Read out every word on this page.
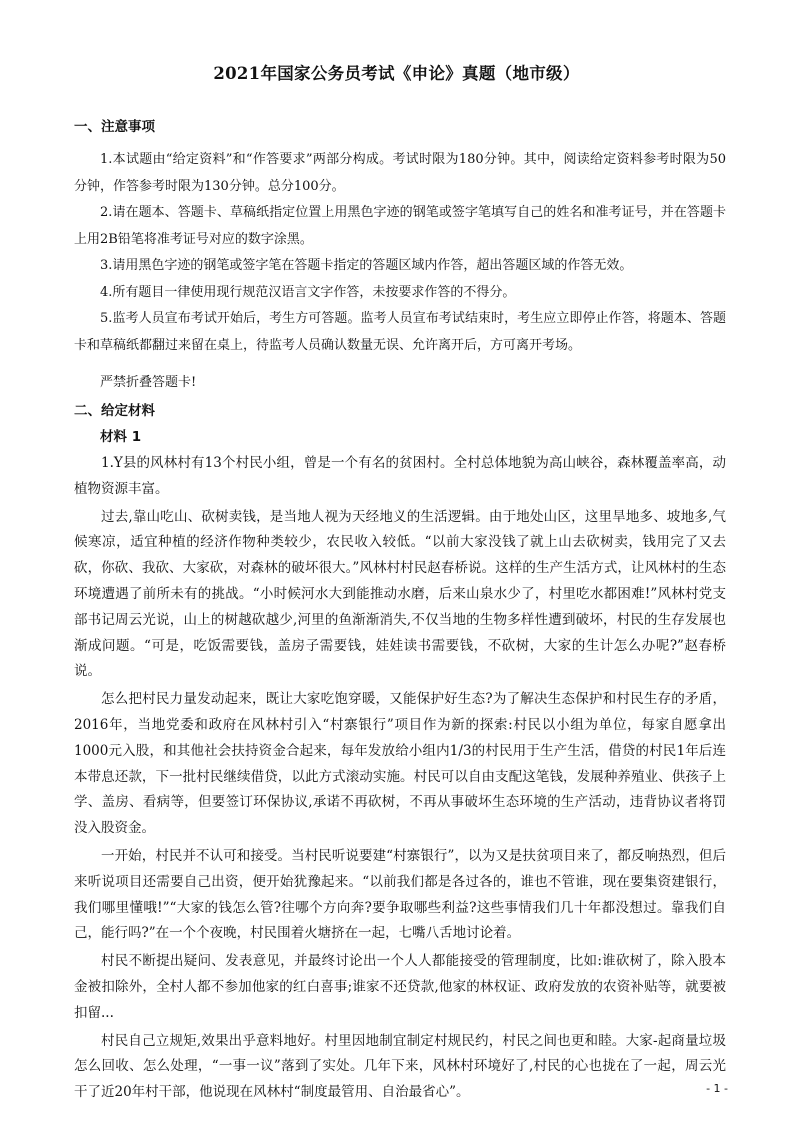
2021年国家公务员考试《申论》真题（地市级）
一、注意事项

1.本试题由“给定资料”和“作答要求”两部分构成。考试时限为180分钟。其中，阅读给定资料参考时限为50分钟，作答参考时限为130分钟。总分100分。

2.请在题本、答题卡、草稿纸指定位置上用黑色字迹的钢笔或签字笔填写自己的姓名和准考证号，并在答题卡上用2B铅笔将准考证号对应的数字涂黑。

3.请用黑色字迹的钢笔或签字笔在答题卡指定的答题区域内作答，超出答题区域的作答无效。

4.所有题目一律使用现行规范汉语言文字作答，未按要求作答的不得分。

5.监考人员宣布考试开始后，考生方可答题。监考人员宣布考试结束时，考生应立即停止作答，将题本、答题卡和草稿纸都翻过来留在桌上，待监考人员确认数量无误、允许离开后，方可离开考场。

严禁折叠答题卡!

二、给定材料
材料 1

1.Y县的风林村有13个村民小组，曾是一个有名的贫困村。全村总体地貌为高山峡谷，森林覆盖率高，动植物资源丰富。

过去,靠山吃山、砍树卖钱，是当地人视为天经地义的生活逻辑。由于地处山区，这里旱地多、坡地多,气候寒凉，适宜种植的经济作物种类较少，农民收入较低。“以前大家没钱了就上山去砍树卖，钱用完了又去砍，你砍、我砍、大家砍，对森林的破坏很大。”风林村村民赵春桥说。这样的生产生活方式，让风林村的生态环境遭遇了前所未有的挑战。“小时候河水大到能推动水磨，后来山泉水少了，村里吃水都困难!”风林村党支部书记周云光说，山上的树越砍越少,河里的鱼渐渐消失,不仅当地的生物多样性遭到破坏，村民的生存发展也渐成问题。“可是，吃饭需要钱，盖房子需要钱，娃娃读书需要钱，不砍树，大家的生计怎么办呢?”赵春桥说。

怎么把村民力量发动起来，既让大家吃饱穿暖，又能保护好生态?为了解决生态保护和村民生存的矛盾，2016年，当地党委和政府在风林村引入“村寨银行”项目作为新的探索:村民以小组为单位，每家自愿拿出1000元入股，和其他社会扶持资金合起来，每年发放给小组内1/3的村民用于生产生活，借贷的村民1年后连本带息还款，下一批村民继续借贷，以此方式滚动实施。村民可以自由支配这笔钱，发展种养殖业、供孩子上学、盖房、看病等，但要签订环保协议,承诺不再砍树，不再从事破坏生态环境的生产活动，违背协议者将罚没入股资金。

一开始，村民并不认可和接受。当村民听说要建“村寨银行”，以为又是扶贫项目来了，都反响热烈，但后来听说项目还需要自己出资，便开始犹豫起来。“以前我们都是各过各的，谁也不管谁，现在要集资建银行，我们哪里懂哦!”“大家的钱怎么管?往哪个方向奔?要争取哪些利益?这些事情我们几十年都没想过。靠我们自己，能行吗?”在一个个夜晚，村民围着火塘挤在一起，七嘴八舌地讨论着。

村民不断提出疑问、发表意见，并最终讨论出一个人人都能接受的管理制度，比如:谁砍树了，除入股本金被扣除外，全村人都不参加他家的红白喜事;谁家不还贷款,他家的林权证、政府发放的农资补贴等，就要被扣留...

村民自己立规矩,效果出乎意料地好。村里因地制宜制定村规民约，村民之间也更和睦。大家-起商量垃圾怎么回收、怎么处理，“一事一议”落到了实处。几年下来，风林村环境好了,村民的心也拢在了一起，周云光干了近20年村干部，他说现在风林村“制度最管用、自治最省心”。	- 1 -
